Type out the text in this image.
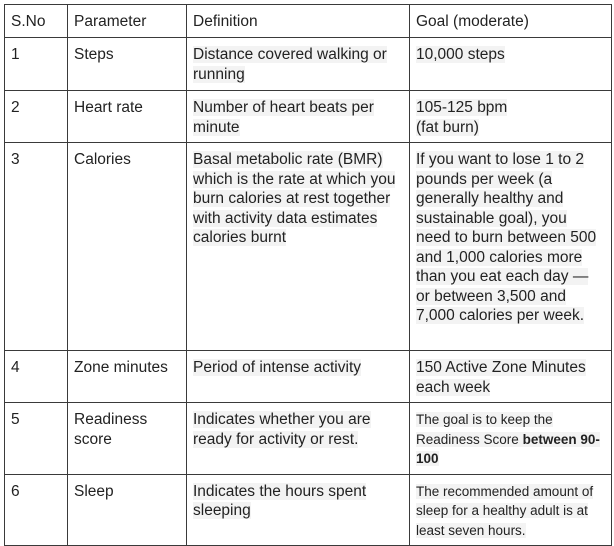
S.No	Parameter	Definition	Goal (moderate)
1	Steps	Distance covered walking or running	10,000 steps
2	Heart rate	Number of heart beats per minute	105-125 bpm
(fat burn)

3	Calories	Basal metabolic rate (BMR) which is the rate at which you burn calories at rest together with activity data estimates calories burnt	If you want to lose 1 to 2 pounds per week (a generally healthy and sustainable goal), you need to burn between 500 and 1,000 calories more than you eat each day — or between 3,500 and 7,000 calories per week.
4	Zone minutes	Period of intense activity	150 Active Zone Minutes each week
5	Readiness score	Indicates whether you are ready for activity or rest.	The goal is to keep the Readiness Score between 90-100
6	Sleep	Indicates the hours spent sleeping	The recommended amount of sleep for a healthy adult is at least seven hours.
